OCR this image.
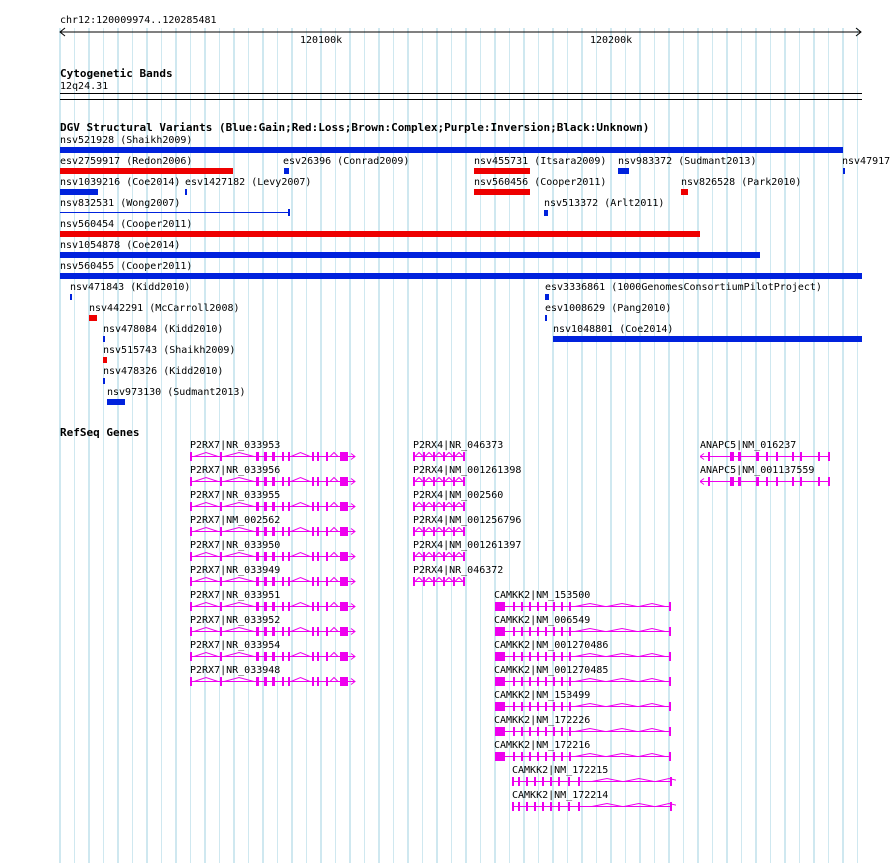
chr12:120009974..120285481
120100k	120200k
Cytogenetic Bands
12q24.31
DGV Structural Variants (Blue:Gain;Red:Loss;Brown:Complex;Purple:Inversion;Black:Unknown)
nsv521928 (Shaikh2009)
esv2759917 (Redon2006)	esv26396 (Conrad2009)	nsv455731 (Itsara2009) nsv983372 (Sudmant2013)	nsv47917
nsv1039216 (Coe2014) esv1427182 (Levy2007)	nsv560456 (Cooper2011)	nsv826528 (Park2010)
nsv832531 (Wong2007)	nsv513372 (Arlt2011)
nsv560454 (Cooper2011)
nsv1054878 (Coe2014)
nsv560455 (Cooper2011)
nsv471843 (Kidd2010)	esv3336861 (1000GenomesConsortiumPilotProject)
nsv442291 (McCarroll2008)	esv1008629 (Pang2010)
nsv478084 (Kidd2010)	nsv1048801 (Coe2014)
nsv515743 (Shaikh2009)
nsv478326 (Kidd2010)
nsv973130 (Sudmant2013)
RefSeq Genes
P2RX7|NR_033953
P2RX7|NR_033956
P2RX7|NR_033955
P2RX7|NM_002562
P2RX7|NR_033950
P2RX7|NR_033949
P2RX7|NR_033951
P2RX7|NR_033952
P2RX7|NR_033954
P2RX7|NR_033948
P2RX4|NR_046373
P2RX4|NM_001261398
P2RX4|NM_002560
P2RX4|NM_001256796
P2RX4|NM_001261397
P2RX4|NR_046372
ANAPC5|NM_016237
ANAPC5|NM_001137559
CAMKK2|NM_153500
CAMKK2|NM_006549
CAMKK2|NM_001270486
CAMKK2|NM_001270485
CAMKK2|NM_153499
CAMKK2|NM_172226
CAMKK2|NM_172216
CAMKK2|NM_172215
CAMKK2|NM_172214
